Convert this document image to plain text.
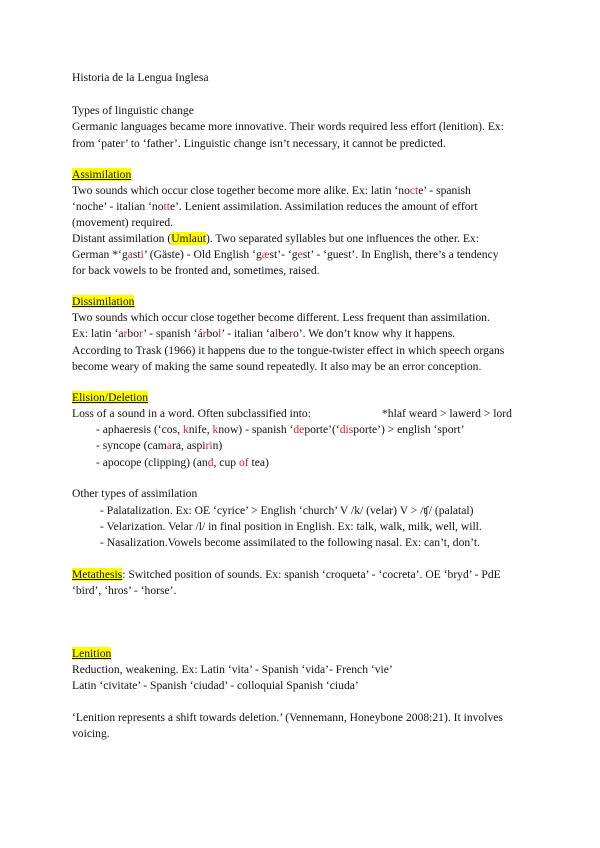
Historia de la Lengua Inglesa
Types of linguistic change
Germanic languages became more innovative. Their words required less effort (lenition). Ex:
from ‘pater’ to ‘father’. Linguistic change isn’t necessary, it cannot be predicted.
Assimilation
Two sounds which occur close together become more alike. Ex: latin ‘nocte’ - spanish
‘noche’ - italian ‘notte’. Lenient assimilation. Assimilation reduces the amount of effort
(movement) required.
Distant assimilation (Umlaut). Two separated syllables but one influences the other. Ex:
German *‘gasti’ (Gäste) - Old English ‘gæst’- ‘gest’ - ‘guest’. In English, there’s a tendency
for back vowels to be fronted and, sometimes, raised.
Dissimilation
Two sounds which occur close together become different. Less frequent than assimilation.
Ex: latin ‘arbor’ - spanish ‘árbol’ - italian ‘albero’. We don’t know why it happens.
According to Trask (1966) it happens due to the tongue-twister effect in which speech organs
become weary of making the same sound repeatedly. It also may be an error conception.
Elision/Deletion
Loss of a sound in a word. Often subclassified into:	*hlaf weard > lawerd > lord
- aphaeresis (‘cos, knife, know) - spanish ‘deporte’(‘disporte’) > english ‘sport’
- syncope (camara, aspirin)
- apocope (clipping) (and, cup of tea)
Other types of assimilation
- Palatalization. Ex: OE ‘cyrice’ > English ‘church’ V /k/ (velar) V > /ʧ/ (palatal)
- Velarization. Velar /l/ in final position in English. Ex: talk, walk, milk, well, will.
- Nasalization.Vowels become assimilated to the following nasal. Ex: can’t, don’t.
Metathesis: Switched position of sounds. Ex: spanish ‘croqueta’ - ‘cocreta’. OE ‘bryd’ - PdE
‘bird’, ‘hros’ - ‘horse’.
Lenition
Reduction, weakening. Ex: Latin ‘vita’ - Spanish ‘vida’- French ‘vie’
Latin ‘civitate’ - Spanish ‘ciudad’ - colloquial Spanish ‘ciuda’
‘Lenition represents a shift towards deletion.’ (Vennemann, Honeybone 2008:21). It involves
voicing.
